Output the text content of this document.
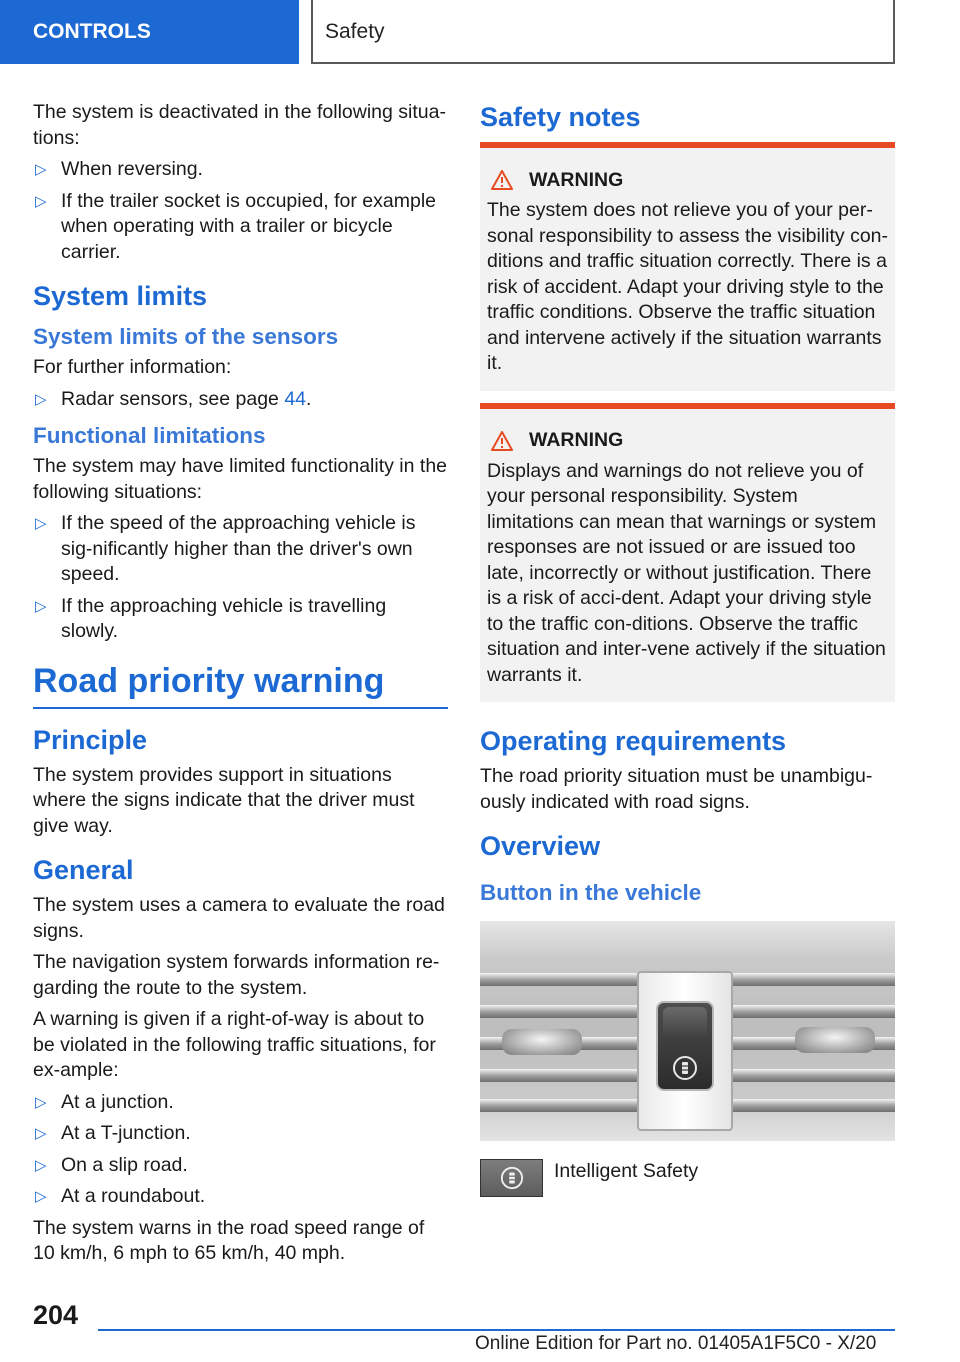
CONTROLS	Safety

The system is deactivated in the following situa-tions:

▷ When reversing.
▷ If the trailer socket is occupied, for example when operating with a trailer or bicycle carrier.
System limits
System limits of the sensors

For further information:

▷ Radar sensors, see page 44.
Functional limitations

The system may have limited functionality in the following situations:

▷ If the speed of the approaching vehicle is sig-nificantly higher than the driver's own speed.
▷ If the approaching vehicle is travelling slowly.
Road priority warning
Principle

The system provides support in situations where the signs indicate that the driver must give way.

General

The system uses a camera to evaluate the road signs.

The navigation system forwards information re-garding the route to the system.

A warning is given if a right-of-way is about to be violated in the following traffic situations, for ex-ample:

▷ At a junction.
▷ At a T-junction.
▷ On a slip road.
▷ At a roundabout.

The system warns in the road speed range of 10 km/h, 6 mph to 65 km/h, 40 mph.

Safety notes
WARNING

The system does not relieve you of your per-sonal responsibility to assess the visibility con-ditions and traffic situation correctly. There is a risk of accident. Adapt your driving style to the traffic conditions. Observe the traffic situation and intervene actively if the situation warrants it.

WARNING

Displays and warnings do not relieve you of your personal responsibility. System limitations can mean that warnings or system responses are not issued or are issued too late, incorrectly or without justification. There is a risk of acci-dent. Adapt your driving style to the traffic con-ditions. Observe the traffic situation and inter-vene actively if the situation warrants it.

Operating requirements

The road priority situation must be unambigu-ously indicated with road signs.

Overview
Button in the vehicle
Intelligent Safety
204
Online Edition for Part no. 01405A1F5C0 - X/20
